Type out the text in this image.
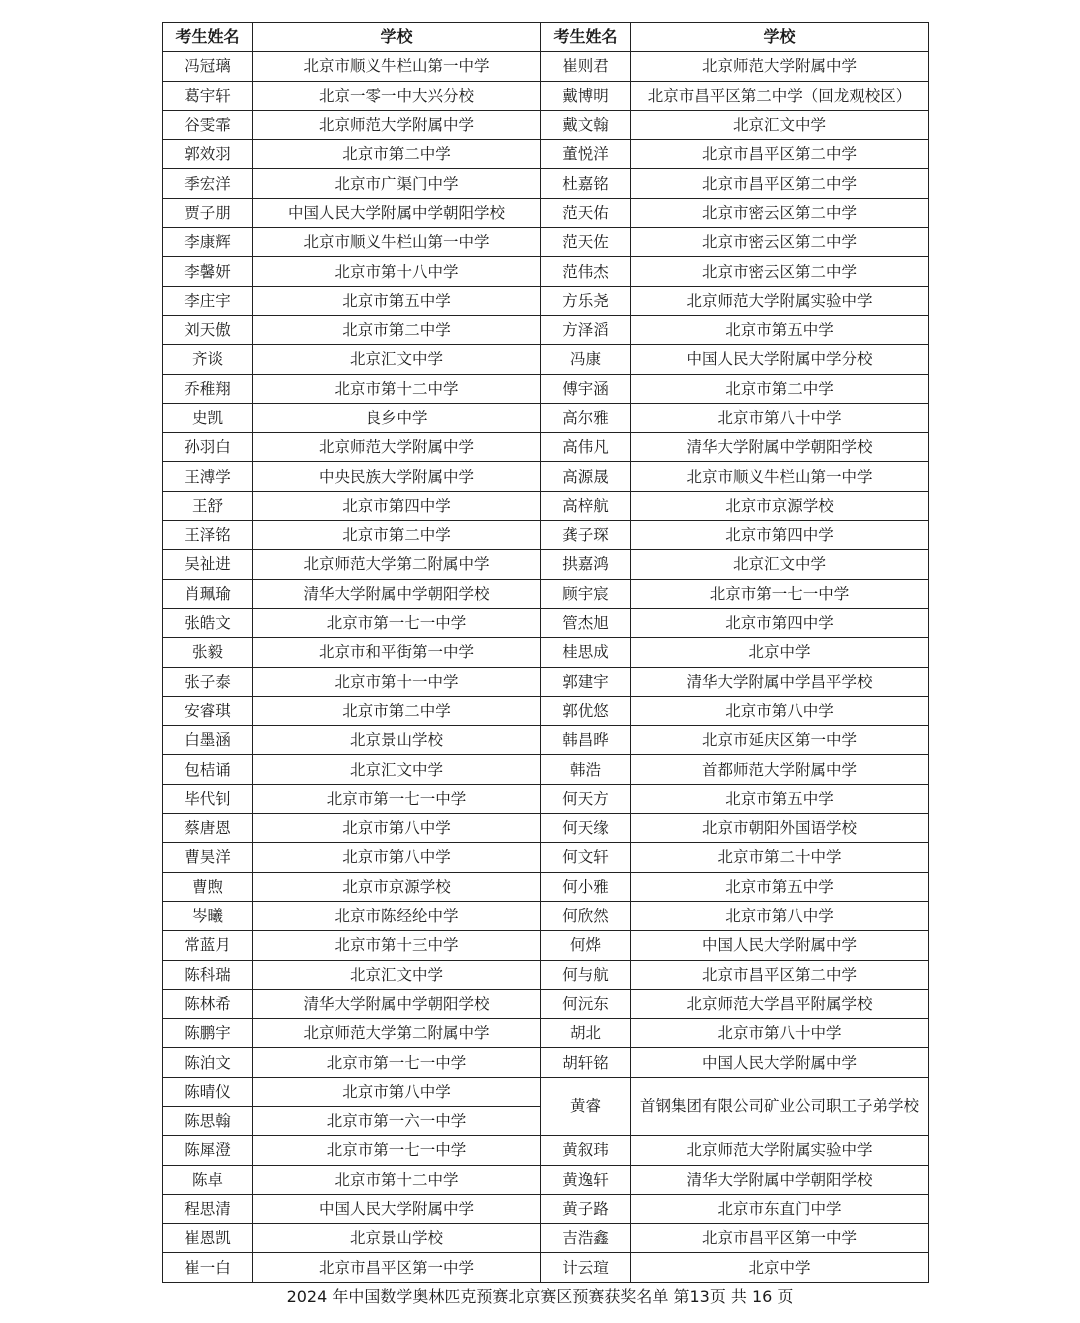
考生姓名	学校	考生姓名	学校
冯冠璃	北京市顺义牛栏山第一中学	崔则君	北京师范大学附属中学
葛宇轩	北京一零一中大兴分校	戴博明	北京市昌平区第二中学（回龙观校区）
谷雯霏	北京师范大学附属中学	戴文翰	北京汇文中学
郭效羽	北京市第二中学	董悦洋	北京市昌平区第二中学
季宏洋	北京市广渠门中学	杜嘉铭	北京市昌平区第二中学
贾子朋	中国人民大学附属中学朝阳学校	范天佑	北京市密云区第二中学
李康辉	北京市顺义牛栏山第一中学	范天佐	北京市密云区第二中学
李馨妍	北京市第十八中学	范伟杰	北京市密云区第二中学
李庄宇	北京市第五中学	方乐尧	北京师范大学附属实验中学
刘天傲	北京市第二中学	方泽滔	北京市第五中学
齐谈	北京汇文中学	冯康	中国人民大学附属中学分校
乔稚翔	北京市第十二中学	傅宇涵	北京市第二中学
史凯	良乡中学	高尔雅	北京市第八十中学
孙羽白	北京师范大学附属中学	高伟凡	清华大学附属中学朝阳学校
王溥学	中央民族大学附属中学	高源晟	北京市顺义牛栏山第一中学
王舒	北京市第四中学	高梓航	北京市京源学校
王泽铭	北京市第二中学	龚子琛	北京市第四中学
吴祉进	北京师范大学第二附属中学	拱嘉鸿	北京汇文中学
肖珮瑜	清华大学附属中学朝阳学校	顾宇宸	北京市第一七一中学
张皓文	北京市第一七一中学	管杰旭	北京市第四中学
张毅	北京市和平街第一中学	桂思成	北京中学
张子泰	北京市第十一中学	郭建宇	清华大学附属中学昌平学校
安睿琪	北京市第二中学	郭优悠	北京市第八中学
白墨涵	北京景山学校	韩昌晔	北京市延庆区第一中学
包桔诵	北京汇文中学	韩浩	首都师范大学附属中学
毕代钊	北京市第一七一中学	何天方	北京市第五中学
蔡唐恩	北京市第八中学	何天缘	北京市朝阳外国语学校
曹昊洋	北京市第八中学	何文轩	北京市第二十中学
曹煦	北京市京源学校	何小雅	北京市第五中学
岑曦	北京市陈经纶中学	何欣然	北京市第八中学
常蓝月	北京市第十三中学	何烨	中国人民大学附属中学
陈科瑞	北京汇文中学	何与航	北京市昌平区第二中学
陈林希	清华大学附属中学朝阳学校	何沅东	北京师范大学昌平附属学校
陈鹏宇	北京师范大学第二附属中学	胡北	北京市第八十中学
陈泊文	北京市第一七一中学	胡轩铭	中国人民大学附属中学
陈晴仪	北京市第八中学	黄睿	首钢集团有限公司矿业公司职工子弟学校
陈思翰	北京市第一六一中学		
陈犀澄	北京市第一七一中学	黄叙玮	北京师范大学附属实验中学
陈卓	北京市第十二中学	黄逸轩	清华大学附属中学朝阳学校
程思清	中国人民大学附属中学	黄子路	北京市东直门中学
崔恩凯	北京景山学校	吉浩鑫	北京市昌平区第一中学
崔一白	北京市昌平区第一中学	计云瑄	北京中学
2024 年中国数学奥林匹克预赛北京赛区预赛获奖名单 第13页 共 16 页
